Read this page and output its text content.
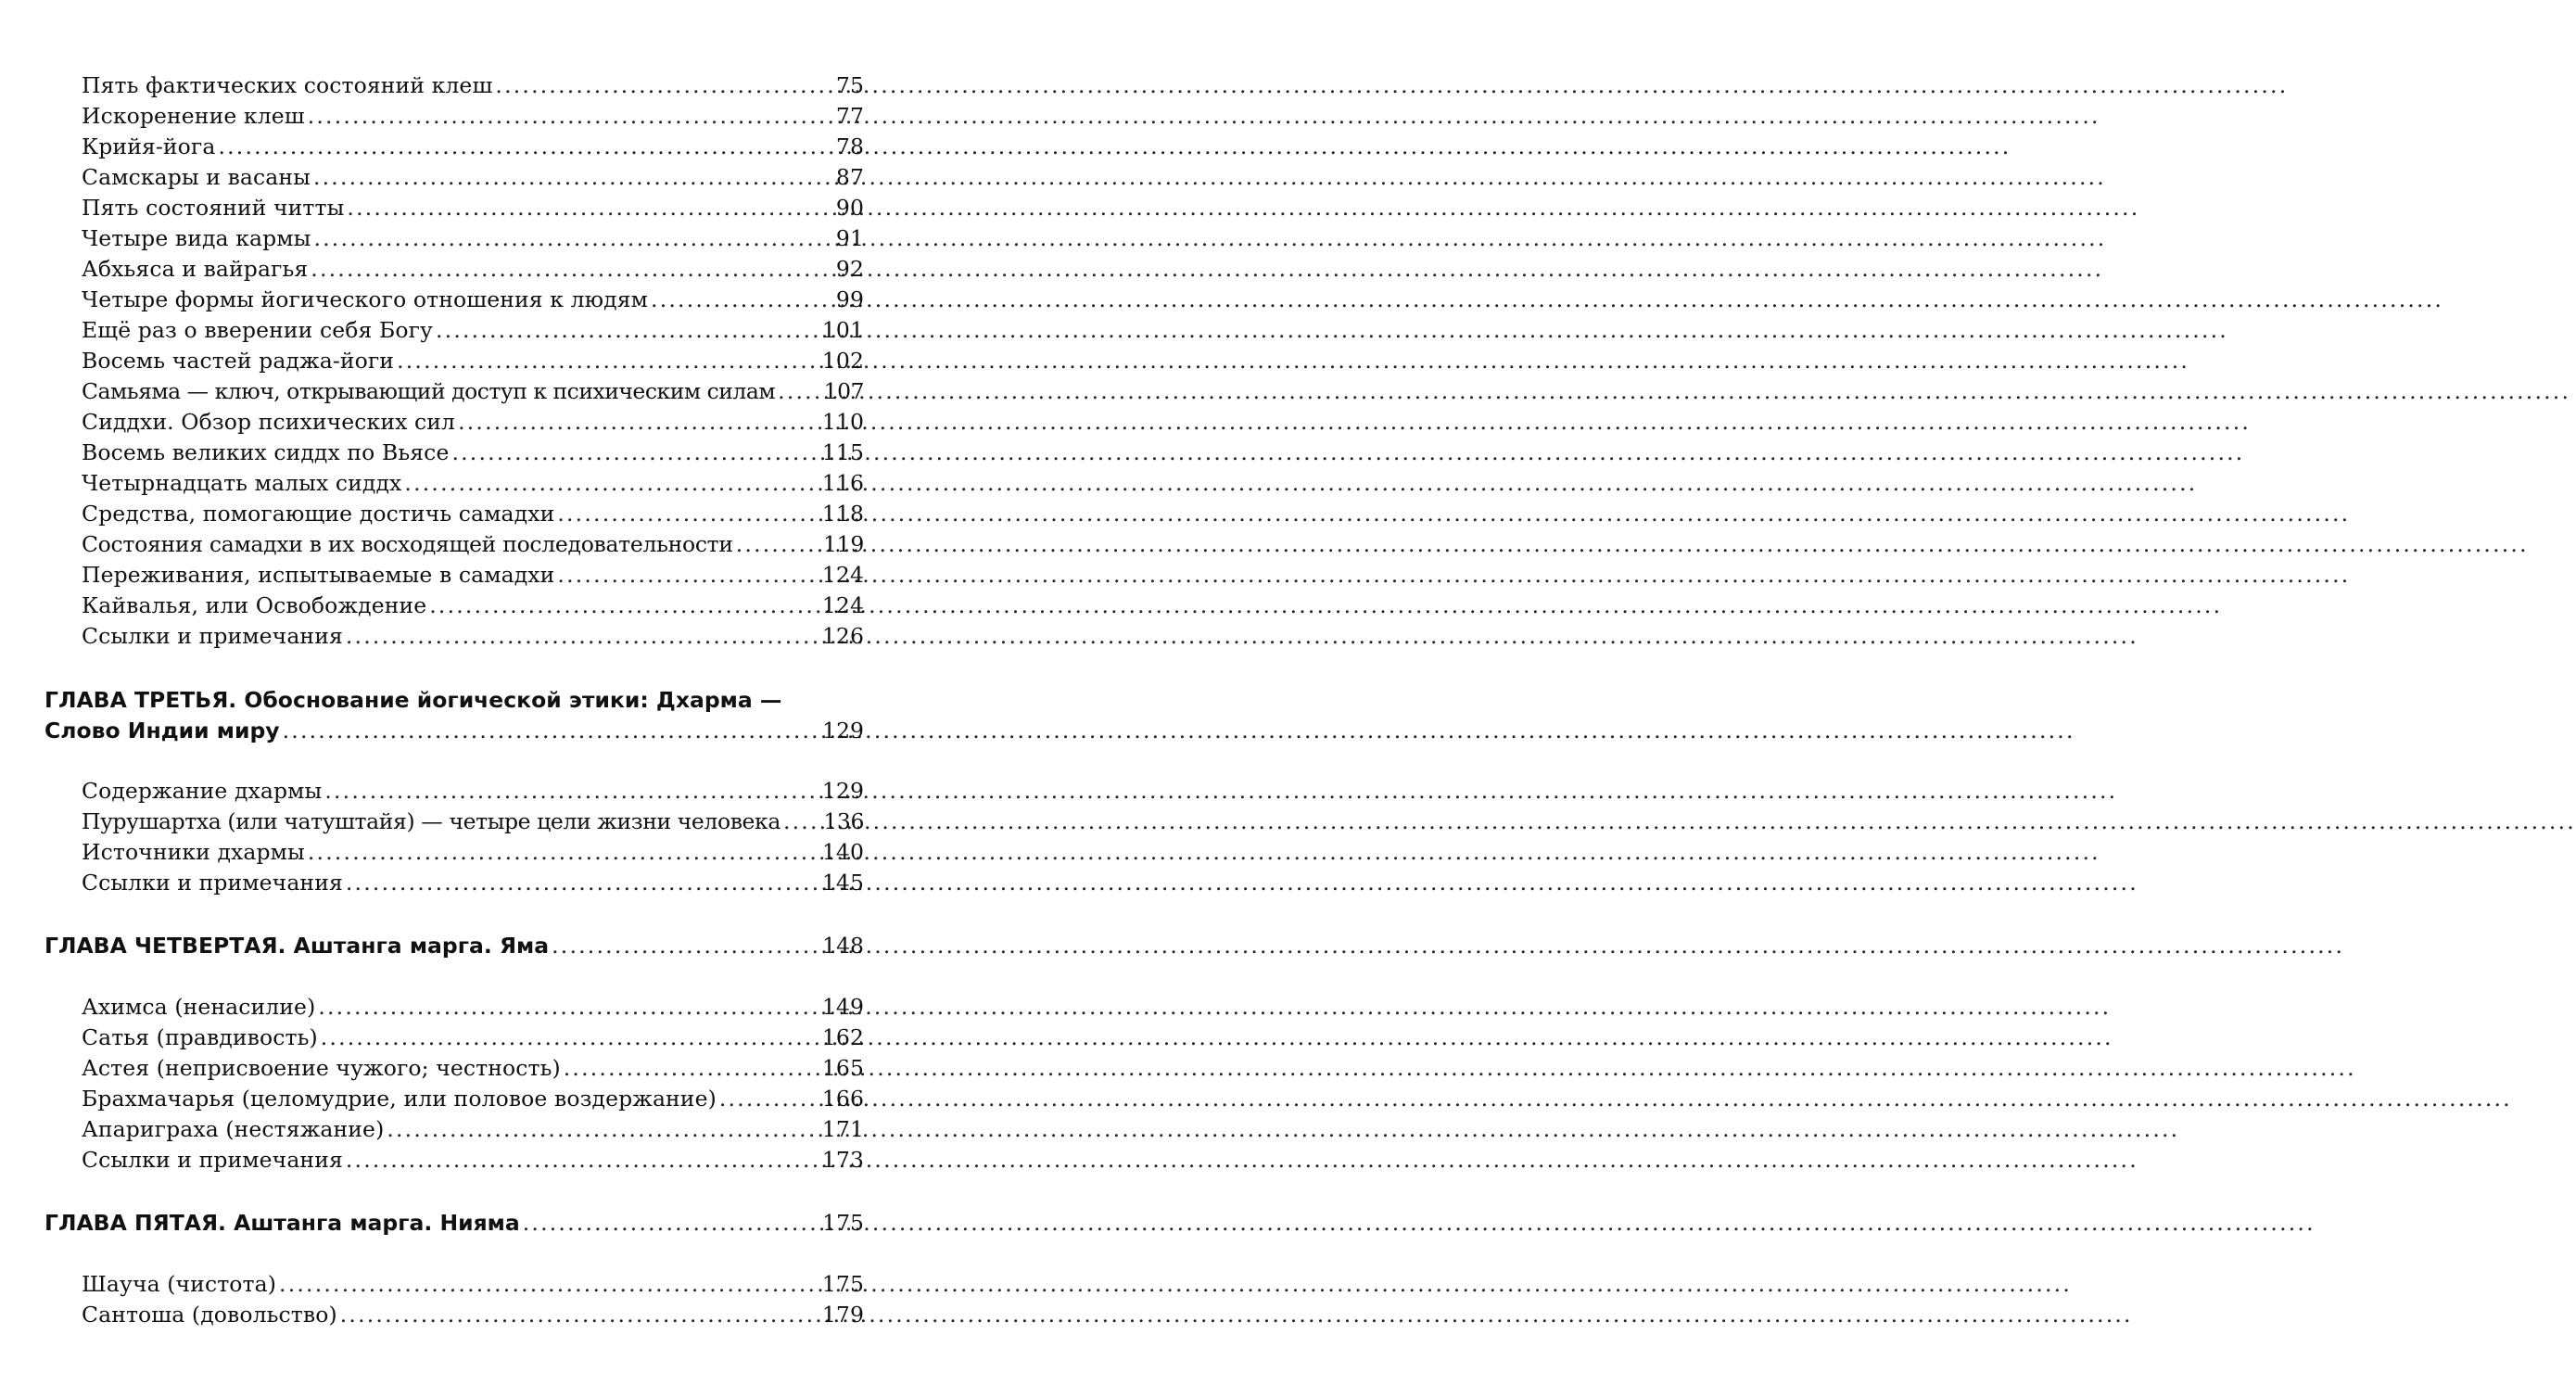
Пять фактических состояний клеш .....	75
Искоренение клеш .....	77
Крийя-йога .....	78
Самскары и васаны .....	87
Пять состояний читты .....	90
Четыре вида кармы .....	91
Абхьяса и вайрагья .....	92
Четыре формы йогического отношения к людям .....	99
Ещё раз о вверении себя Богу .....	101
Восемь частей раджа-йоги .....	102
Самьяма — ключ, открывающий доступ к психическим силам ..... 107
Сиддхи. Обзор психических сил .....	110
Восемь великих сиддх по Вьясе .....	115
Четырнадцать малых сиддх .....	116
Средства, помогающие достичь самадхи .....	118
Состояния самадхи в их восходящей последовательности .....	119
Переживания, испытываемые в самадхи .....	124
Кайвалья, или Освобождение .....	124
Ссылки и примечания .....	126
ГЛАВА ТРЕТЬЯ. Обоснование йогической этики: Дхарма —
Слово Индии миру .....	129
Содержание дхармы .....	129
Пурушартха (или чатуштайя) — четыре цели жизни человека ..... 136
Источники дхармы .....	140
Ссылки и примечания .....	145
ГЛАВА ЧЕТВЕРТАЯ. Аштанга марга. Яма .....	148
Ахимса (ненасилие) .....	149
Сатья (правдивость) .....	162
Астея (неприсвоение чужого; честность) .....	165
Брахмачарья (целомудрие, или половое воздержание) .....	166
Апариграха (нестяжание) .....	171
Ссылки и примечания .....	173
ГЛАВА ПЯТАЯ. Аштанга марга. Нияма .....	175
Шауча (чистота) .....	175
Сантоша (довольство) .....	179
